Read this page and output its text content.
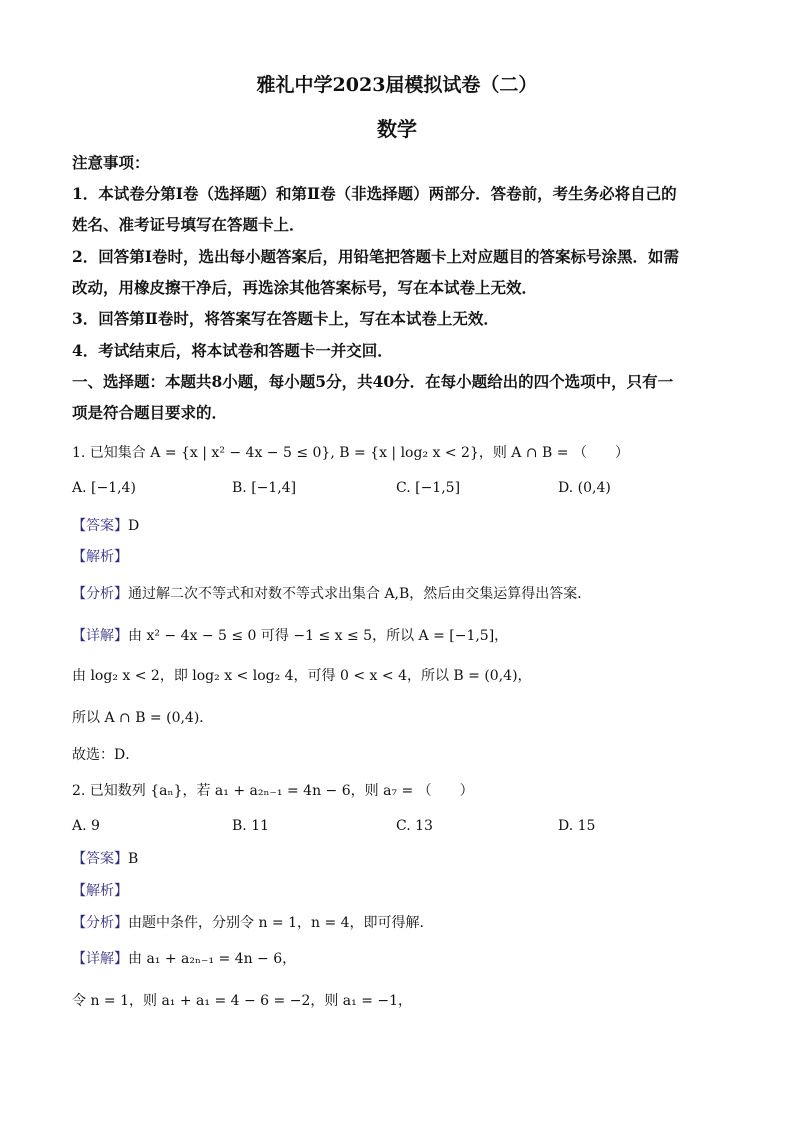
雅礼中学2023届模拟试卷（二）
数学
注意事项：
1．本试卷分第Ⅰ卷（选择题）和第Ⅱ卷（非选择题）两部分．答卷前，考生务必将自己的
姓名、准考证号填写在答题卡上．
2．回答第Ⅰ卷时，选出每小题答案后，用铅笔把答题卡上对应题目的答案标号涂黑．如需
改动，用橡皮擦干净后，再选涂其他答案标号，写在本试卷上无效．
3．回答第Ⅱ卷时，将答案写在答题卡上，写在本试卷上无效．
4．考试结束后，将本试卷和答题卡一并交回．
一、选择题：本题共8小题，每小题5分，共40分．在每小题给出的四个选项中，只有一
项是符合题目要求的．
1. 已知集合 A = {x | x² − 4x − 5 ≤ 0}, B = {x | log₂ x < 2}，则 A ∩ B = （　　）
A. [−1,4)	B. [−1,4]	C. [−1,5]	D. (0,4)
【答案】D
【解析】
【分析】通过解二次不等式和对数不等式求出集合 A,B，然后由交集运算得出答案．
【详解】由 x² − 4x − 5 ≤ 0 可得 −1 ≤ x ≤ 5，所以 A = [−1,5]，
由 log₂ x < 2，即 log₂ x < log₂ 4，可得 0 < x < 4，所以 B = (0,4)，
所以 A ∩ B = (0,4)．
故选：D．
2. 已知数列 {aₙ}，若 a₁ + a₂ₙ₋₁ = 4n − 6，则 a₇ = （　　）
A. 9	B. 11	C. 13	D. 15
【答案】B
【解析】
【分析】由题中条件，分别令 n = 1，n = 4，即可得解．
【详解】由 a₁ + a₂ₙ₋₁ = 4n − 6，
令 n = 1，则 a₁ + a₁ = 4 − 6 = −2，则 a₁ = −1，
